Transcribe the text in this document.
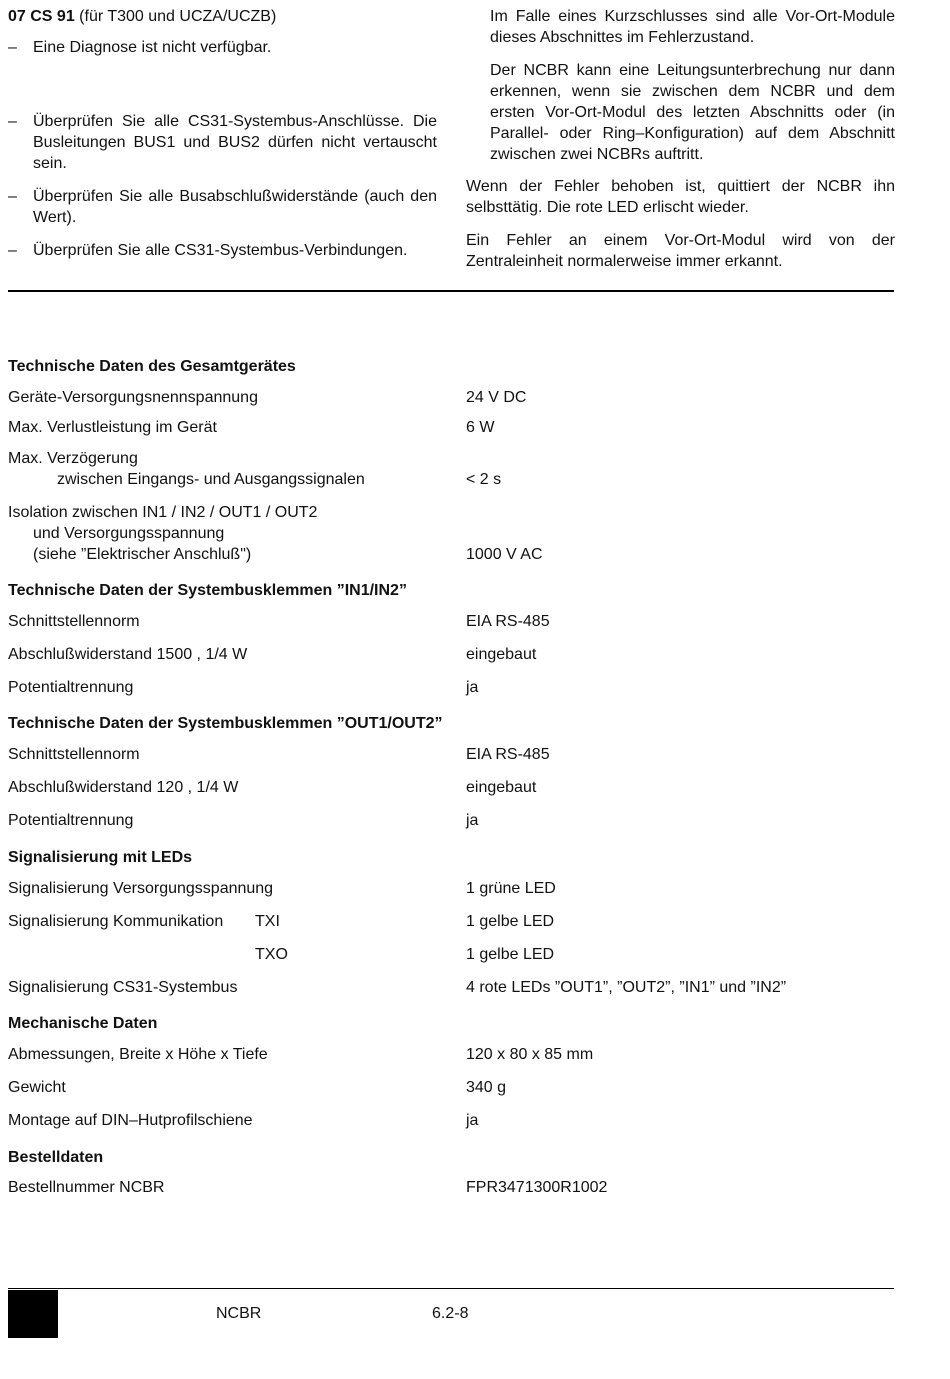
07 CS 91 (für T300 und UCZA/UCZB)
– Eine Diagnose ist nicht verfügbar.
– Überprüfen Sie alle CS31-Systembus-Anschlüsse. Die Busleitungen BUS1 und BUS2 dürfen nicht vertauscht sein.
– Überprüfen Sie alle Busabschlußwiderstände (auch den Wert).
– Überprüfen Sie alle CS31-Systembus-Verbindungen.
Im Falle eines Kurzschlusses sind alle Vor-Ort-Module dieses Abschnittes im Fehlerzustand.
Der NCBR kann eine Leitungsunterbrechung nur dann erkennen, wenn sie zwischen dem NCBR und dem ersten Vor-Ort-Modul des letzten Abschnitts oder (in Parallel- oder Ring–Konfiguration) auf dem Abschnitt zwischen zwei NCBRs auftritt.
Wenn der Fehler behoben ist, quittiert der NCBR ihn selbsttätig. Die rote LED erlischt wieder.
Ein Fehler an einem Vor-Ort-Modul wird von der Zentraleinheit normalerweise immer erkannt.
Technische Daten des Gesamtgerätes
Geräte-Versorgungsnennspannung	24 V DC
Max. Verlustleistung im Gerät	6 W
Max. Verzögerung
zwischen Eingangs- und Ausgangssignalen	< 2 s
Isolation zwischen IN1 / IN2 / OUT1 / OUT2
und Versorgungsspannung
(siehe ”Elektrischer Anschluß")	1000 V AC
Technische Daten der Systembusklemmen ”IN1/IN2”
Schnittstellennorm	EIA RS-485
Abschlußwiderstand 1500 , 1/4 W	eingebaut
Potentialtrennung	ja
Technische Daten der Systembusklemmen ”OUT1/OUT2”
Schnittstellennorm	EIA RS-485
Abschlußwiderstand 120 , 1/4 W	eingebaut
Potentialtrennung	ja
Signalisierung mit LEDs
Signalisierung Versorgungsspannung	1 grüne LED
Signalisierung Kommunikation TXI	1 gelbe LED
TXO	1 gelbe LED
Signalisierung CS31-Systembus	4 rote LEDs ”OUT1”, ”OUT2”, ”IN1” und ”IN2”
Mechanische Daten
Abmessungen, Breite x Höhe x Tiefe	120 x 80 x 85 mm
Gewicht	340 g
Montage auf DIN–Hutprofilschiene	ja
Bestelldaten
Bestellnummer NCBR	FPR3471300R1002
NCBR	6.2-8
